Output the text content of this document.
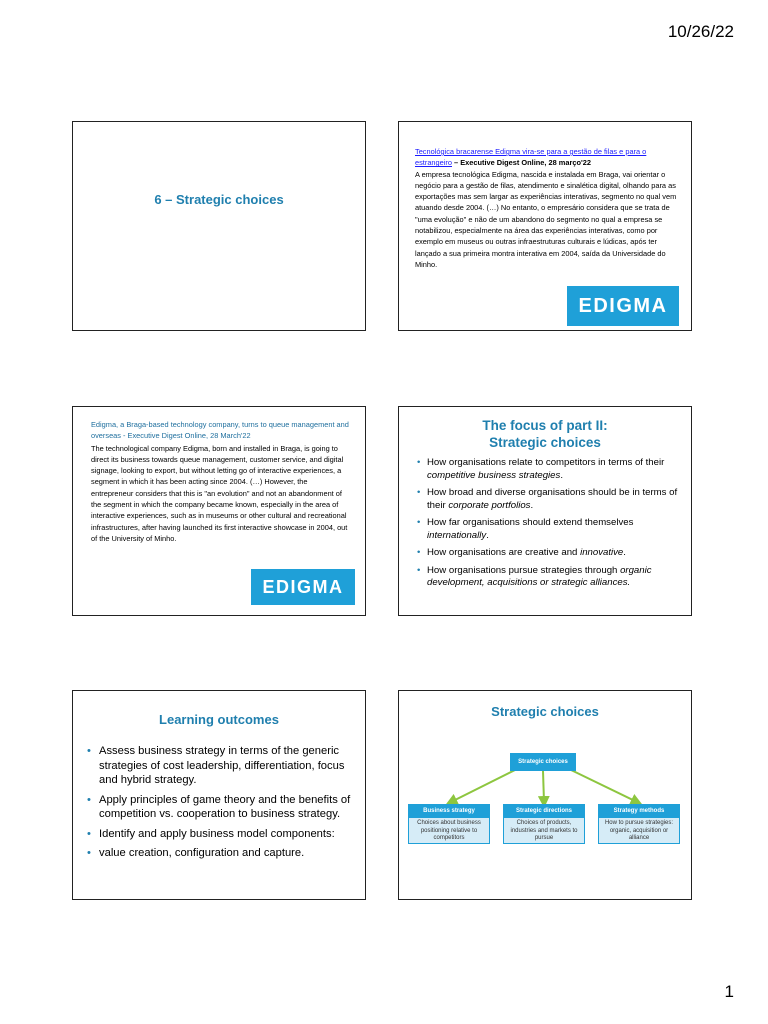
10/26/22
6 – Strategic choices
Tecnológica bracarense Edigma vira-se para a gestão de filas e para o estrangeiro – Executive Digest Online, 28 março'22
A empresa tecnológica Edigma, nascida e instalada em Braga, vai orientar o negócio para a gestão de filas, atendimento e sinalética digital, olhando para as exportações mas sem largar as experiências interativas, segmento no qual vem atuando desde 2004. (…) No entanto, o empresário considera que se trata de "uma evolução" e não de um abandono do segmento no qual a empresa se notabilizou, especialmente na área das experiências interativas, como por exemplo em museus ou outras infraestruturas culturais e lúdicas, após ter lançado a sua primeira montra interativa em 2004, saída da Universidade do Minho.
EDIGMA
Edigma, a Braga-based technology company, turns to queue management and overseas - Executive Digest Online, 28 March'22
The technological company Edigma, born and installed in Braga, is going to direct its business towards queue management, customer service, and digital signage, looking to export, but without letting go of interactive experiences, a segment in which it has been acting since 2004. (…) However, the entrepreneur considers that this is "an evolution" and not an abandonment of the segment in which the company became known, especially in the area of interactive experiences, such as in museums or other cultural and recreational infrastructures, after having launched its first interactive showcase in 2004, out of the University of Minho.
EDIGMA
The focus of part II:
Strategic choices
• How organisations relate to competitors in terms of their competitive business strategies.
• How broad and diverse organisations should be in terms of their corporate portfolios.
• How far organisations should extend themselves internationally.
• How organisations are creative and innovative.
• How organisations pursue strategies through organic development, acquisitions or strategic alliances.
Learning outcomes
• Assess business strategy in terms of the generic strategies of cost leadership, differentiation, focus and hybrid strategy.
• Apply principles of game theory and the benefits of competition vs. cooperation to business strategy.
• Identify and apply business model components:
• value creation, configuration and capture.
Strategic choices
Strategic choices
Business strategy
Choices about business positioning relative to competitors
Strategic directions
Choices of products, industries and markets to pursue
Strategy methods
How to pursue strategies: organic, acquisition or alliance
1
